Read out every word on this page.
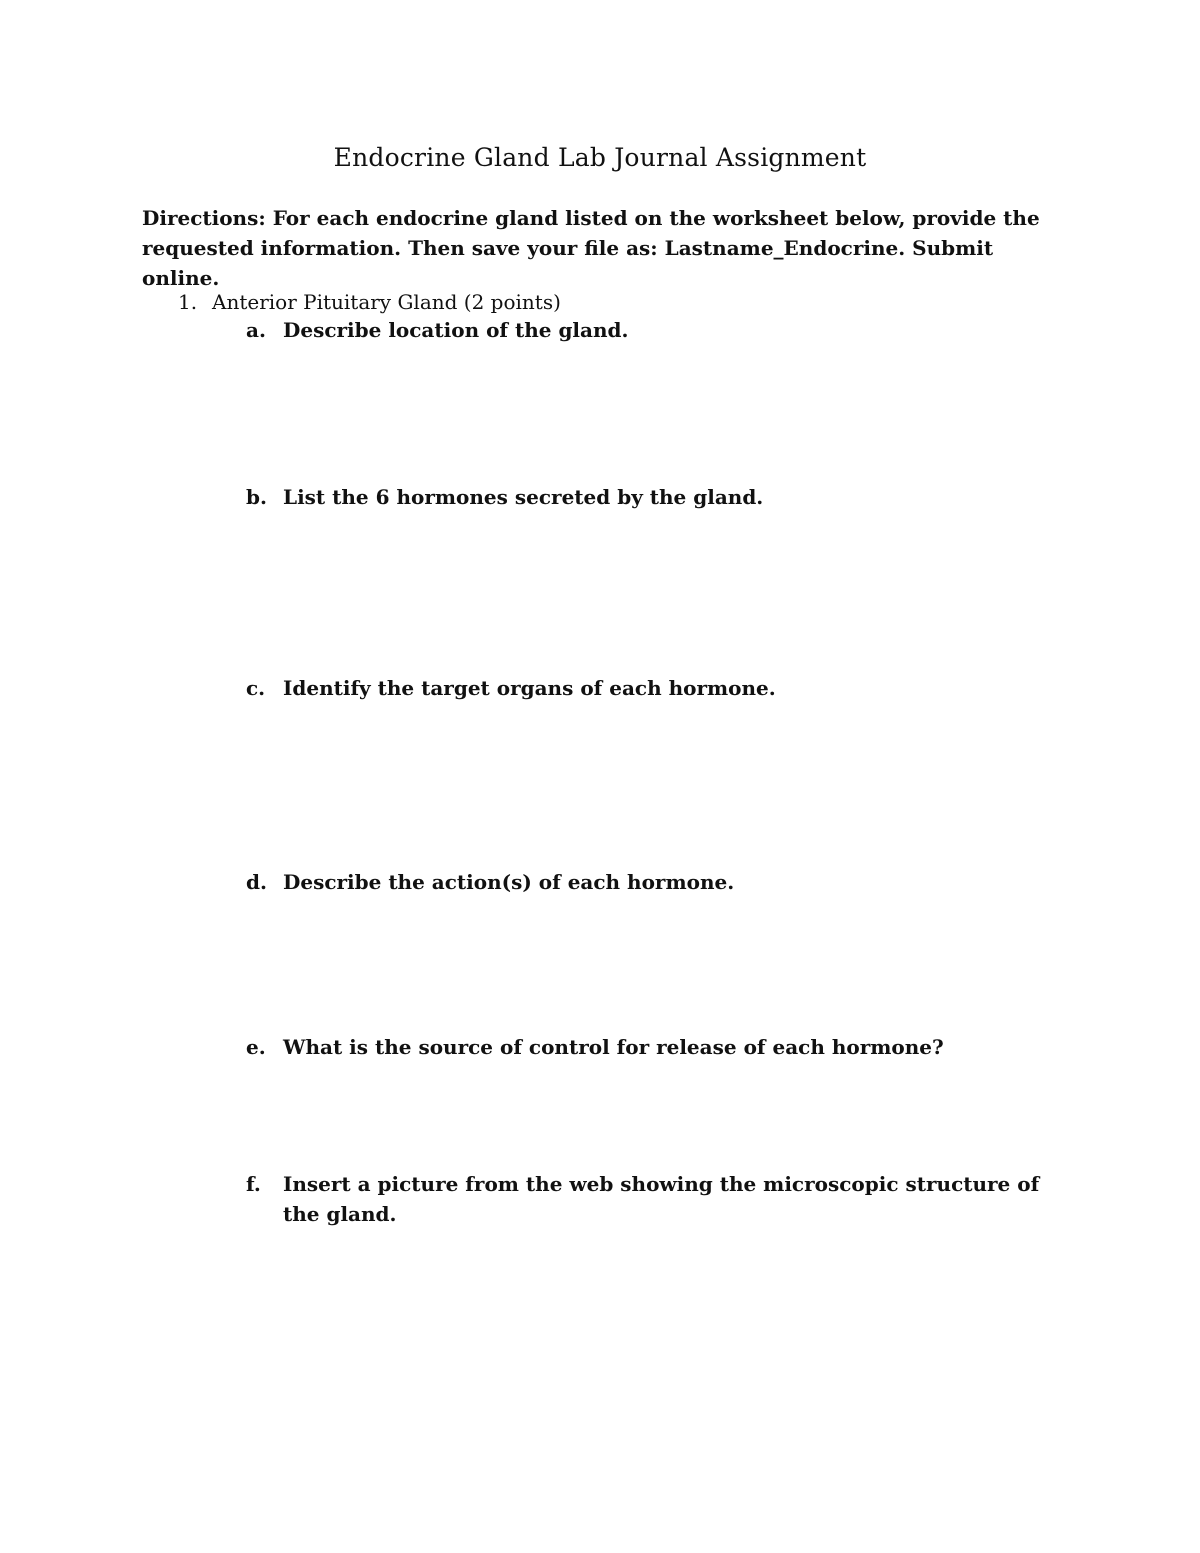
Endocrine Gland Lab Journal Assignment

Directions: For each endocrine gland listed on the worksheet below, provide the requested information. Then save your file as: Lastname_Endocrine. Submit online.

1. Anterior Pituitary Gland (2 points)
a. Describe location of the gland.
b. List the 6 hormones secreted by the gland.
c. Identify the target organs of each hormone.
d. Describe the action(s) of each hormone.
e. What is the source of control for release of each hormone?
f.	Insert a picture from the web showing the microscopic structure of the gland.
